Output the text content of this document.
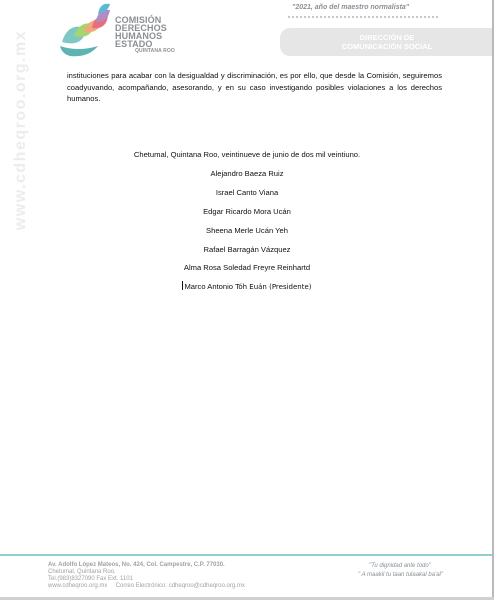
COMISIÓN
DERECHOS
HUMANOS
ESTADO
QUINTANA ROO
"2021, año del maestro normalista"
DIRECCIÓN DE
COMUNICACIÓN SOCIAL
www.cdheqroo.org.mx	instituciones para acabar con la desigualdad y discriminación, es por ello, que desde la Comisión, seguiremos coadyuvando, acompañando, asesorando, y en su caso investigando posibles violaciones a los derechos humanos.
Chetumal, Quintana Roo, veintinueve de junio de dos mil veintiuno.
Alejandro Baeza Ruiz
Israel Canto Viana
Edgar Ricardo Mora Ucán
Sheena Merle Ucán Yeh
Rafael Barragán Vázquez
Alma Rosa Soledad Freyre Reinhartd
Marco Antonio Tóh Euán (Presidente)
Av. Adolfo López Mateos, No. 424, Col. Campestre, C.P. 77030.
Chetumal, Quintana Roo.
Tel.(983)8327090 Fax Ext. 1101
www.cdheqroo.org.mx     Correo Electrónico: cdheqroo@cdheqroo.org.mx
"Tu dignidad ante todo"
" A maakil tu taan tulaakal ba'al"
